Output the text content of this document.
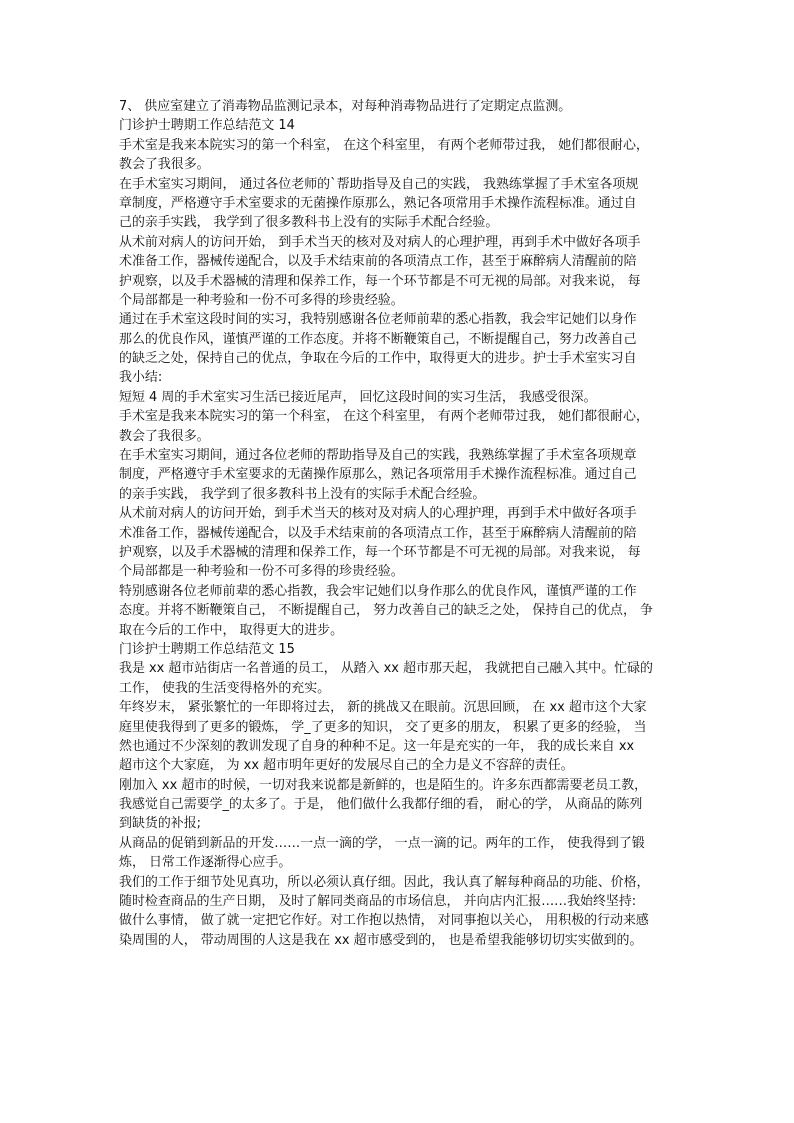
7、 供应室建立了消毒物品监测记录本，对每种消毒物品进行了定期定点监测。

门诊护士聘期工作总结范文 14

手术室是我来本院实习的第一个科室， 在这个科室里， 有两个老师带过我， 她们都很耐心，

教会了我很多。

在手术室实习期间， 通过各位老师的`帮助指导及自己的实践， 我熟练掌握了手术室各项规

章制度，严格遵守手术室要求的无菌操作原那么，熟记各项常用手术操作流程标准。通过自

己的亲手实践， 我学到了很多教科书上没有的实际手术配合经验。

从术前对病人的访问开始， 到手术当天的核对及对病人的心理护理，再到手术中做好各项手

术准备工作，器械传递配合，以及手术结束前的各项清点工作，甚至于麻醉病人清醒前的陪

护观察，以及手术器械的清理和保养工作，每一个环节都是不可无视的局部。对我来说， 每

个局部都是一种考验和一份不可多得的珍贵经验。

通过在手术室这段时间的实习，我特别感谢各位老师前辈的悉心指教，我会牢记她们以身作

那么的优良作风，谨慎严谨的工作态度。并将不断鞭策自己，不断提醒自己，努力改善自己

的缺乏之处，保持自己的优点，争取在今后的工作中，取得更大的进步。护士手术室实习自

我小结:

短短 4 周的手术室实习生活已接近尾声， 回忆这段时间的实习生活， 我感受很深。

手术室是我来本院实习的第一个科室， 在这个科室里， 有两个老师带过我， 她们都很耐心，

教会了我很多。

在手术室实习期间，通过各位老师的帮助指导及自己的实践，我熟练掌握了手术室各项规章

制度，严格遵守手术室要求的无菌操作原那么，熟记各项常用手术操作流程标准。通过自己

的亲手实践， 我学到了很多教科书上没有的实际手术配合经验。

从术前对病人的访问开始，到手术当天的核对及对病人的心理护理，再到手术中做好各项手

术准备工作，器械传递配合，以及手术结束前的各项清点工作，甚至于麻醉病人清醒前的陪

护观察，以及手术器械的清理和保养工作，每一个环节都是不可无视的局部。对我来说， 每

个局部都是一种考验和一份不可多得的珍贵经验。

特别感谢各位老师前辈的悉心指教，我会牢记她们以身作那么的优良作风，谨慎严谨的工作

态度。并将不断鞭策自己， 不断提醒自己， 努力改善自己的缺乏之处， 保持自己的优点， 争

取在今后的工作中， 取得更大的进步。

门诊护士聘期工作总结范文 15

我是 xx 超市站街店一名普通的员工， 从踏入 xx 超市那天起， 我就把自己融入其中。忙碌的

工作， 使我的生活变得格外的充实。

年终岁末， 紧张繁忙的一年即将过去， 新的挑战又在眼前。沉思回顾， 在 xx 超市这个大家

庭里使我得到了更多的锻炼， 学_了更多的知识， 交了更多的朋友， 积累了更多的经验， 当

然也通过不少深刻的教训发现了自身的种种不足。这一年是充实的一年， 我的成长来自 xx

超市这个大家庭， 为 xx 超市明年更好的发展尽自己的全力是义不容辞的责任。

刚加入 xx 超市的时候，一切对我来说都是新鲜的，也是陌生的。许多东西都需要老员工教，

我感觉自己需要学_的太多了。于是， 他们做什么我都仔细的看， 耐心的学， 从商品的陈列

到缺货的补报;

从商品的促销到新品的开发……一点一滴的学， 一点一滴的记。两年的工作， 使我得到了锻

炼， 日常工作逐渐得心应手。

我们的工作于细节处见真功，所以必须认真仔细。因此，我认真了解每种商品的功能、价格，

随时检查商品的生产日期， 及时了解同类商品的市场信息， 并向店内汇报……我始终坚持:

做什么事情， 做了就一定把它作好。对工作抱以热情， 对同事抱以关心， 用积极的行动来感

染周围的人， 带动周围的人这是我在 xx 超市感受到的， 也是希望我能够切切实实做到的。
